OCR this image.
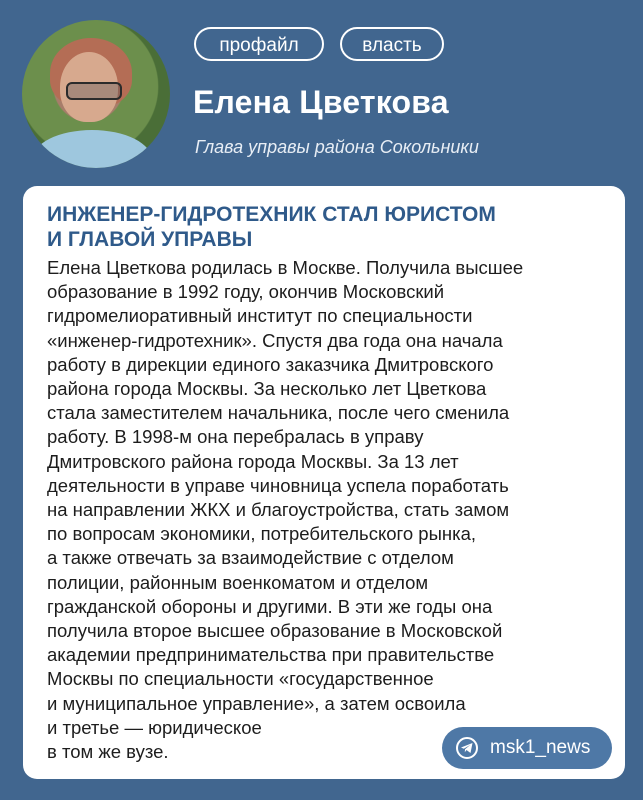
профайл	власть
Елена Цветкова
Глава управы района Сокольники
ИНЖЕНЕР-ГИДРОТЕХНИК СТАЛ ЮРИСТОМ
И ГЛАВОЙ УПРАВЫ
Елена Цветкова родилась в Москве. Получила высшее
образование в 1992 году, окончив Московский
гидромелиоративный институт по специальности
«инженер-гидротехник». Спустя два года она начала
работу в дирекции единого заказчика Дмитровского
района города Москвы. За несколько лет Цветкова
стала заместителем начальника, после чего сменила
работу. В 1998-м она перебралась в управу
Дмитровского района города Москвы. За 13 лет
деятельности в управе чиновница успела поработать
на направлении ЖКХ и благоустройства, стать замом
по вопросам экономики, потребительского рынка,
а также отвечать за взаимодействие с отделом
полиции, районным военкоматом и отделом
гражданской обороны и другими. В эти же годы она
получила второе высшее образование в Московской
академии предпринимательства при правительстве
Москвы по специальности «государственное
и муниципальное управление», а затем освоила
и третье — юридическое
в том же вузе.	msk1_news
